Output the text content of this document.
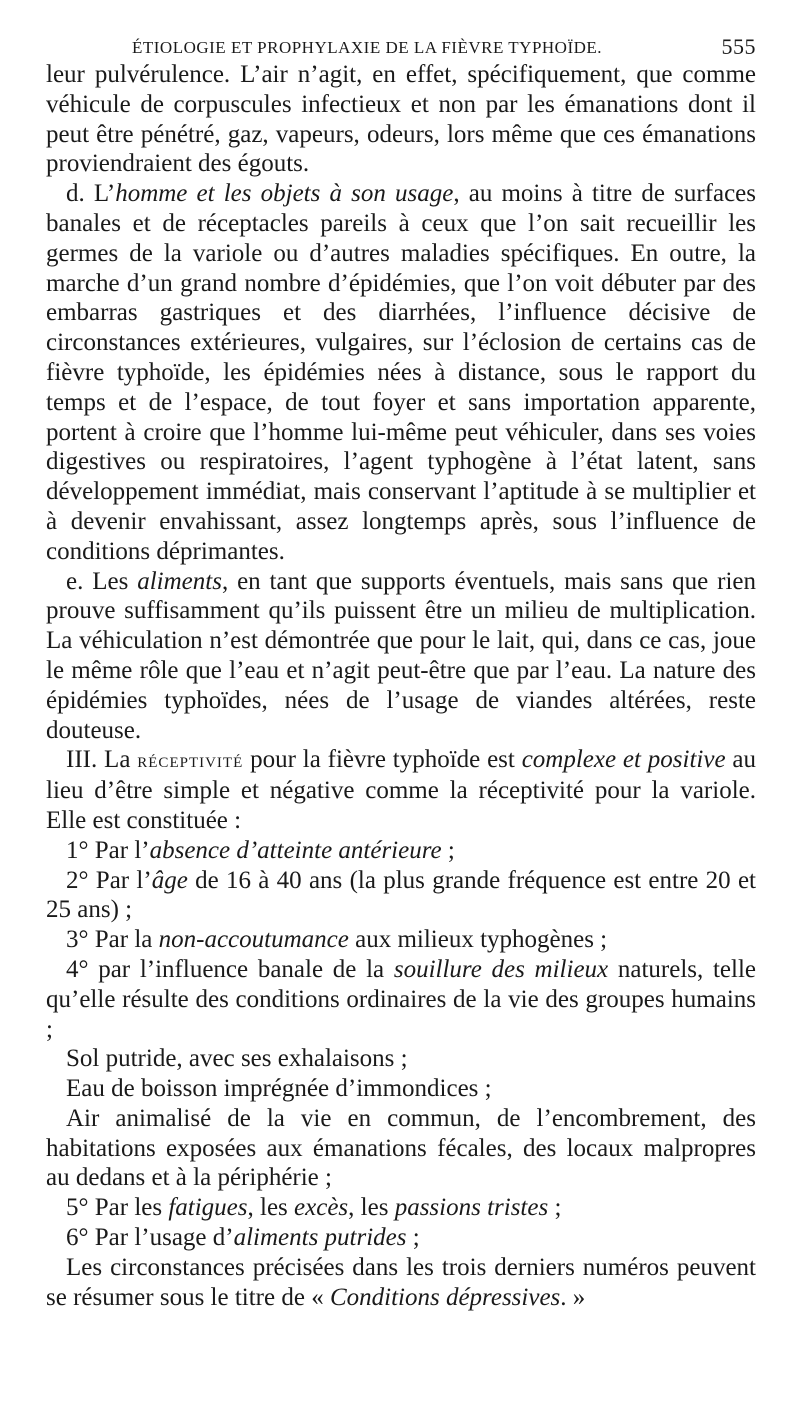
ÉTIOLOGIE ET PROPHYLAXIE DE LA FIÈVRE TYPHOÏDE.	555

leur pulvérulence. L’air n’agit, en effet, spécifiquement, que comme véhicule de corpuscules infectieux et non par les émanations dont il peut être pénétré, gaz, vapeurs, odeurs, lors même que ces émanations proviendraient des égouts.

d. L’homme et les objets à son usage, au moins à titre de surfaces banales et de réceptacles pareils à ceux que l’on sait recueillir les germes de la variole ou d’autres maladies spécifiques. En outre, la marche d’un grand nombre d’épidémies, que l’on voit débuter par des embarras gastriques et des diarrhées, l’influence décisive de circonstances extérieures, vulgaires, sur l’éclosion de certains cas de fièvre typhoïde, les épidémies nées à distance, sous le rapport du temps et de l’espace, de tout foyer et sans importation apparente, portent à croire que l’homme lui-même peut véhiculer, dans ses voies digestives ou respiratoires, l’agent typhogène à l’état latent, sans développement immédiat, mais conservant l’aptitude à se multiplier et à devenir envahissant, assez longtemps après, sous l’influence de conditions déprimantes.

e. Les aliments, en tant que supports éventuels, mais sans que rien prouve suffisamment qu’ils puissent être un milieu de multiplication. La véhiculation n’est démontrée que pour le lait, qui, dans ce cas, joue le même rôle que l’eau et n’agit peut-être que par l’eau. La nature des épidémies typhoïdes, nées de l’usage de viandes altérées, reste douteuse.

III. La réceptivité pour la fièvre typhoïde est complexe et positive au lieu d’être simple et négative comme la réceptivité pour la variole. Elle est constituée :

1° Par l’absence d’atteinte antérieure ;

2° Par l’âge de 16 à 40 ans (la plus grande fréquence est entre 20 et 25 ans) ;

3° Par la non-accoutumance aux milieux typhogènes ;

4° par l’influence banale de la souillure des milieux naturels, telle qu’elle résulte des conditions ordinaires de la vie des groupes humains ;

Sol putride, avec ses exhalaisons ;

Eau de boisson imprégnée d’immondices ;

Air animalisé de la vie en commun, de l’encombrement, des habitations exposées aux émanations fécales, des locaux malpropres au dedans et à la périphérie ;

5° Par les fatigues, les excès, les passions tristes ;

6° Par l’usage d’aliments putrides ;

Les circonstances précisées dans les trois derniers numéros peuvent se résumer sous le titre de « Conditions dépressives. »
